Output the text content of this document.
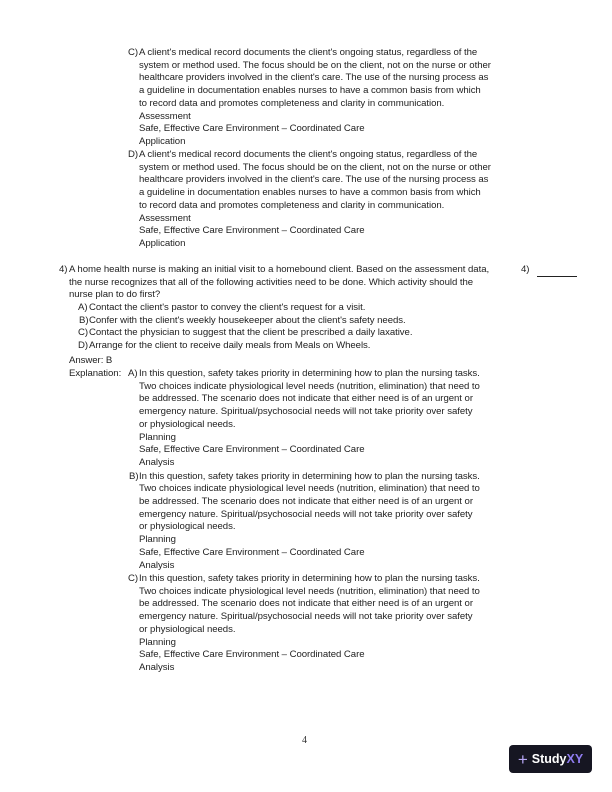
C) A client's medical record documents the client's ongoing status, regardless of the
system or method used. The focus should be on the client, not on the nurse or other
healthcare providers involved in the client's care. The use of the nursing process as
a guideline in documentation enables nurses to have a common basis from which
to record data and promotes completeness and clarity in communication.
Assessment
Safe, Effective Care Environment – Coordinated Care
Application
D) A client's medical record documents the client's ongoing status, regardless of the
system or method used. The focus should be on the client, not on the nurse or other
healthcare providers involved in the client's care. The use of the nursing process as
a guideline in documentation enables nurses to have a common basis from which
to record data and promotes completeness and clarity in communication.
Assessment
Safe, Effective Care Environment – Coordinated Care
Application
4) A home health nurse is making an initial visit to a homebound client. Based on the assessment data,
the nurse recognizes that all of the following activities need to be done. Which activity should the
nurse plan to do first?
4)
A) Contact the client's pastor to convey the client's request for a visit.
B) Confer with the client's weekly housekeeper about the client's safety needs.
C) Contact the physician to suggest that the client be prescribed a daily laxative.
D) Arrange for the client to receive daily meals from Meals on Wheels.
Answer: B
Explanation: A) In this question, safety takes priority in determining how to plan the nursing tasks.
Two choices indicate physiological level needs (nutrition, elimination) that need to
be addressed. The scenario does not indicate that either need is of an urgent or
emergency nature. Spiritual/psychosocial needs will not take priority over safety
or physiological needs.
Planning
Safe, Effective Care Environment – Coordinated Care
Analysis
B) In this question, safety takes priority in determining how to plan the nursing tasks.
Two choices indicate physiological level needs (nutrition, elimination) that need to
be addressed. The scenario does not indicate that either need is of an urgent or
emergency nature. Spiritual/psychosocial needs will not take priority over safety
or physiological needs.
Planning
Safe, Effective Care Environment – Coordinated Care
Analysis
C) In this question, safety takes priority in determining how to plan the nursing tasks.
Two choices indicate physiological level needs (nutrition, elimination) that need to
be addressed. The scenario does not indicate that either need is of an urgent or
emergency nature. Spiritual/psychosocial needs will not take priority over safety
or physiological needs.
Planning
Safe, Effective Care Environment – Coordinated Care
Analysis
4
+ StudyXY
